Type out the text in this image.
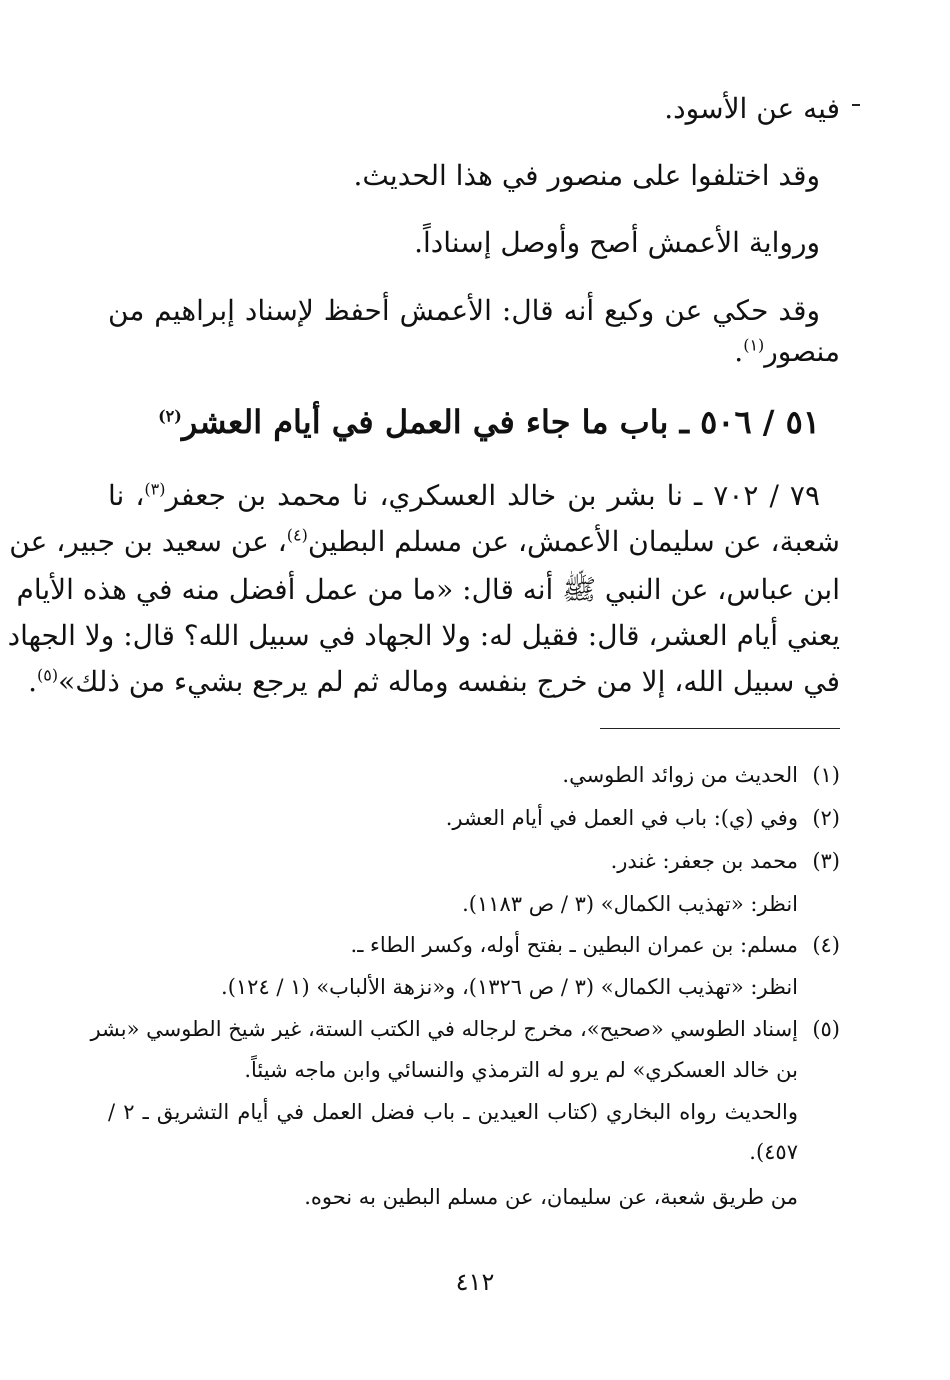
فيه عن الأسود.
وقد اختلفوا على منصور في هذا الحديث.
ورواية الأعمش أصح وأوصل إسناداً.
وقد حكي عن وكيع أنه قال: الأعمش أحفظ لإسناد إبراهيم من
منصور$^{(١)}$.
٥١ / ٥٠٦ ـ باب ما جاء في العمل في أيام العشر$^{(٢)}$
٧٩ / ٧٠٢ ـ نا بشر بن خالد العسكري، نا محمد بن جعفر$^{(٣)}$، نا
شعبة، عن سليمان الأعمش، عن مسلم البطين$^{(٤)}$، عن سعيد بن جبير، عن
ابن عباس، عن النبي ﷺ أنه قال: «ما من عمل أفضل منه في هذه الأيام
يعني أيام العشر، قال: فقيل له: ولا الجهاد في سبيل الله؟ قال: ولا الجهاد
في سبيل الله، إلا من خرج بنفسه وماله ثم لم يرجع بشيء من ذلك»$^{(٥)}$.
(١)الحديث من زوائد الطوسي.
(٢)وفي (ي): باب في العمل في أيام العشر.
(٣)محمد بن جعفر: غندر.
انظر: «تهذيب الكمال» (٣ / ص ١١٨٣).
(٤)مسلم: بن عمران البطين ـ بفتح أوله، وكسر الطاء ـ.
انظر: «تهذيب الكمال» (٣ / ص ١٣٢٦)، و«نزهة الألباب» (١ / ١٢٤).
(٥)إسناد الطوسي «صحيح»، مخرج لرجاله في الكتب الستة، غير شيخ الطوسي «بشر
بن خالد العسكري» لم يرو له الترمذي والنسائي وابن ماجه شيئاً.
والحديث رواه البخاري (كتاب العيدين ـ باب فضل العمل في أيام التشريق ـ ٢ /
٤٥٧).
من طريق شعبة، عن سليمان، عن مسلم البطين به نحوه.
٤١٢
